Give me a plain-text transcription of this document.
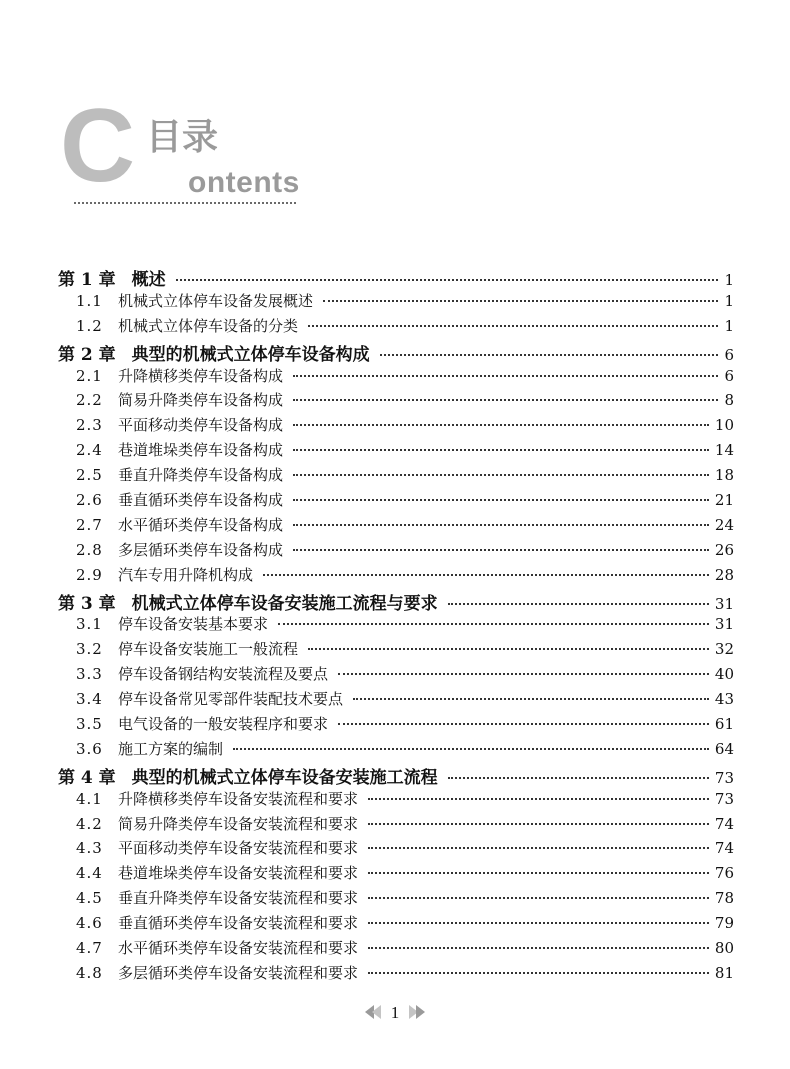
C 目录
ontents
第 1 章 概述	1
1.1	机械式立体停车设备发展概述	1
1.2	机械式立体停车设备的分类	1
第 2 章 典型的机械式立体停车设备构成	6
2.1	升降横移类停车设备构成	6
2.2	简易升降类停车设备构成	8
2.3	平面移动类停车设备构成	10
2.4	巷道堆垛类停车设备构成	14
2.5	垂直升降类停车设备构成	18
2.6	垂直循环类停车设备构成	21
2.7	水平循环类停车设备构成	24
2.8	多层循环类停车设备构成	26
2.9	汽车专用升降机构成	28
第 3 章 机械式立体停车设备安装施工流程与要求	31
3.1	停车设备安装基本要求	31
3.2	停车设备安装施工一般流程	32
3.3	停车设备钢结构安装流程及要点	40
3.4	停车设备常见零部件装配技术要点	43
3.5	电气设备的一般安装程序和要求	61
3.6	施工方案的编制	64
第 4 章 典型的机械式立体停车设备安装施工流程	73
4.1	升降横移类停车设备安装流程和要求	73
4.2	简易升降类停车设备安装流程和要求	74
4.3	平面移动类停车设备安装流程和要求	74
4.4	巷道堆垛类停车设备安装流程和要求	76
4.5	垂直升降类停车设备安装流程和要求	78
4.6	垂直循环类停车设备安装流程和要求	79
4.7	水平循环类停车设备安装流程和要求	80
4.8	多层循环类停车设备安装流程和要求	81
1
